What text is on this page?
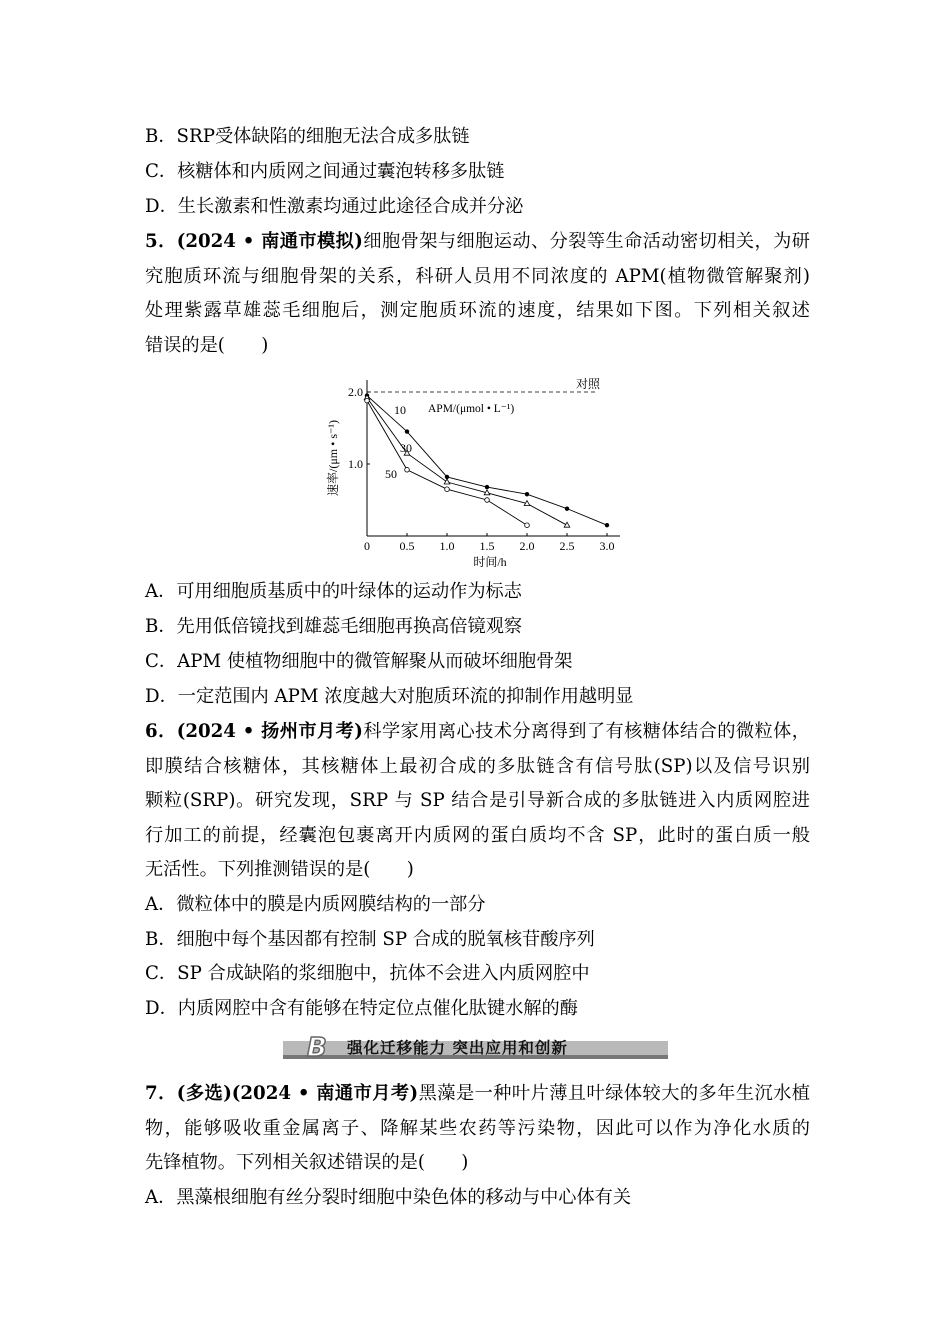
B．SRP受体缺陷的细胞无法合成多肽链
C．核糖体和内质网之间通过囊泡转移多肽链
D．生长激素和性激素均通过此途径合成并分泌
5．(2024 • 南通市模拟)细胞骨架与细胞运动、分裂等生命活动密切相关，为研
究胞质环流与细胞骨架的关系，科研人员用不同浓度的 APM(植物微管解聚剂)
处理紫露草雄蕊毛细胞后，测定胞质环流的速度，结果如下图。下列相关叙述
错误的是(　　)
1.0
2.0
0 0.5 1.0 1.5 2.0 2.5 3.0
对照
APM/(μmol • L⁻¹)
10
30
50
时间/h
速率/(μm • s⁻¹)
A．可用细胞质基质中的叶绿体的运动作为标志
B．先用低倍镜找到雄蕊毛细胞再换高倍镜观察
C．APM 使植物细胞中的微管解聚从而破坏细胞骨架
D．一定范围内 APM 浓度越大对胞质环流的抑制作用越明显
6．(2024 • 扬州市月考)科学家用离心技术分离得到了有核糖体结合的微粒体，
即膜结合核糖体，其核糖体上最初合成的多肽链含有信号肽(SP)以及信号识别
颗粒(SRP)。研究发现，SRP 与 SP 结合是引导新合成的多肽链进入内质网腔进
行加工的前提，经囊泡包裹离开内质网的蛋白质均不含 SP，此时的蛋白质一般
无活性。下列推测错误的是(　　)
A．微粒体中的膜是内质网膜结构的一部分
B．细胞中每个基因都有控制 SP 合成的脱氧核苷酸序列
C．SP 合成缺陷的浆细胞中，抗体不会进入内质网腔中
D．内质网腔中含有能够在特定位点催化肽键水解的酶
B 强化迁移能力 突出应用和创新
7．(多选)(2024 • 南通市月考)黑藻是一种叶片薄且叶绿体较大的多年生沉水植
物，能够吸收重金属离子、降解某些农药等污染物，因此可以作为净化水质的
先锋植物。下列相关叙述错误的是(　　)
A．黑藻根细胞有丝分裂时细胞中染色体的移动与中心体有关
